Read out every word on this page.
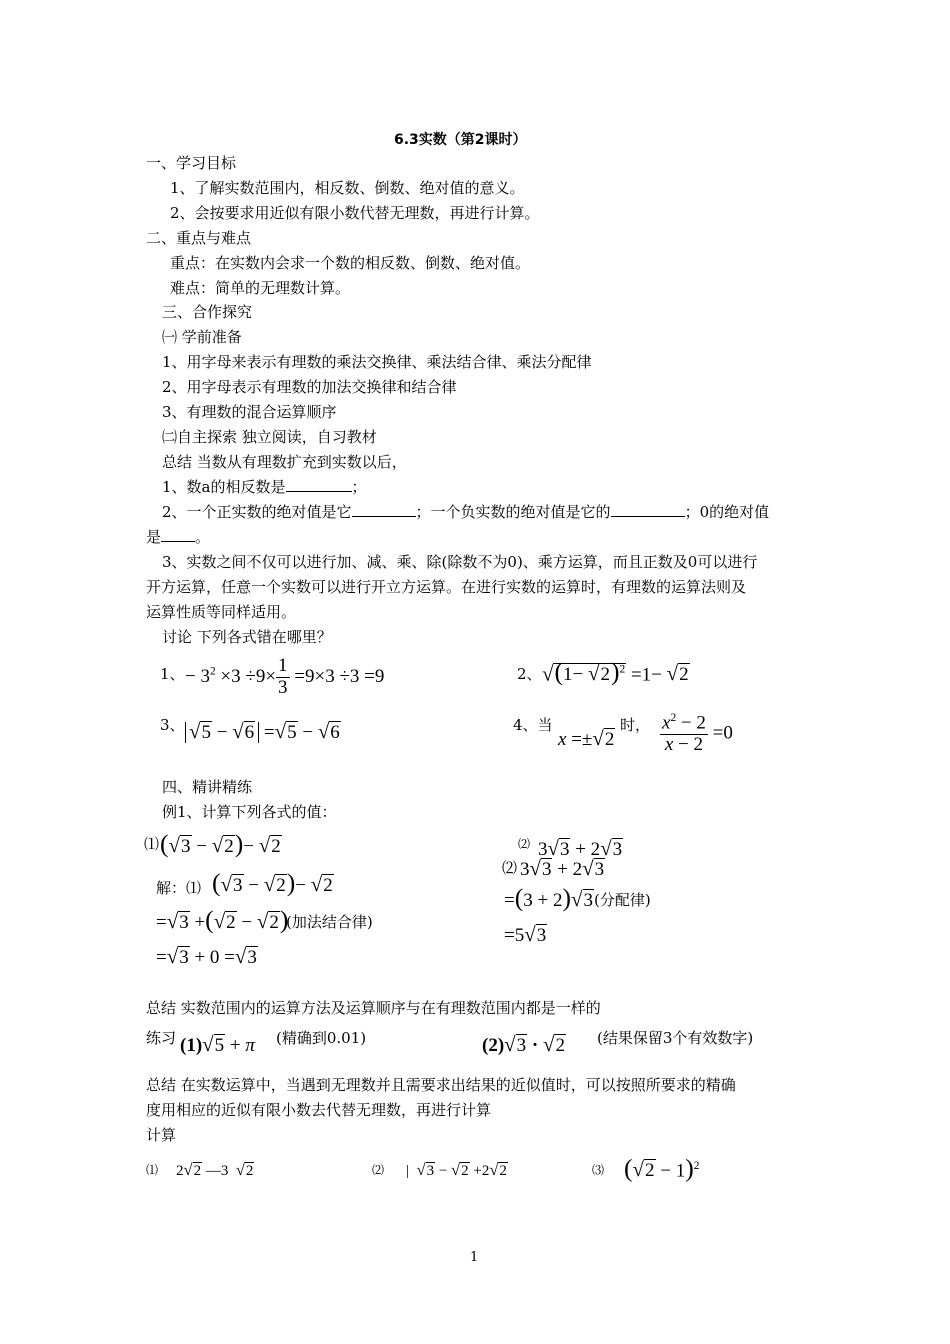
6.3实数（第2课时）
一、学习目标
1、了解实数范围内，相反数、倒数、绝对值的意义。
2、会按要求用近似有限小数代替无理数，再进行计算。
二、重点与难点
重点：在实数内会求一个数的相反数、倒数、绝对值。
难点：简单的无理数计算。
三、合作探究
㈠ 学前准备
1、用字母来表示有理数的乘法交换律、乘法结合律、乘法分配律
2、用字母表示有理数的加法交换律和结合律
3、有理数的混合运算顺序
㈡自主探索 独立阅读，自习教材
总结 当数从有理数扩充到实数以后，
1、数a的相反数是	；
2、一个正实数的绝对值是它	；一个负实数的绝对值是它的	；0的绝对值
是 。
3、实数之间不仅可以进行加、减、乘、除(除数不为0)、乘方运算，而且正数及0可以进行
开方运算，任意一个实数可以进行开立方运算。在进行实数的运算时，有理数的运算法则及
运算性质等同样适用。
讨论 下列各式错在哪里？
1、 − $3^2 \times 3 \div 9\times \frac{1}{3} =9\times 3 \div 3 =9$	2、 $√(1- √2)^2 =1- √2$
3、 √5 − √6 =√5 − √6	4、当
x =±√2
时， $\frac{x^2 - 2}{x - 2} =0$
四、精讲精练
例1、计算下列各式的值：
⑴ (√3 − √2)− √2	⑵ 3√3 + 2√3
解：⑴ (√3 − √2)− √2
=√3 +(√2 − √2)
(加法结合律)
=√3 + 0 =√3
⑵ 3√3 + 2√3
=(3 + 2)√3 (分配律)
=5√3
总结 实数范围内的运算方法及运算顺序与在有理数范围内都是一样的
练习 (1)√5 + π (精确到0.01)	(2)√3 · √2 (结果保留3个有效数字)
总结 在实数运算中，当遇到无理数并且需要求出结果的近似值时，可以按照所要求的精确
度用相应的近似有限小数去代替无理数，再进行计算
计算
⑴ 2√2 —3  √2	⑵ |  √3 − √2 +2√2	⑶ $(√2 - 1)^2$
1
